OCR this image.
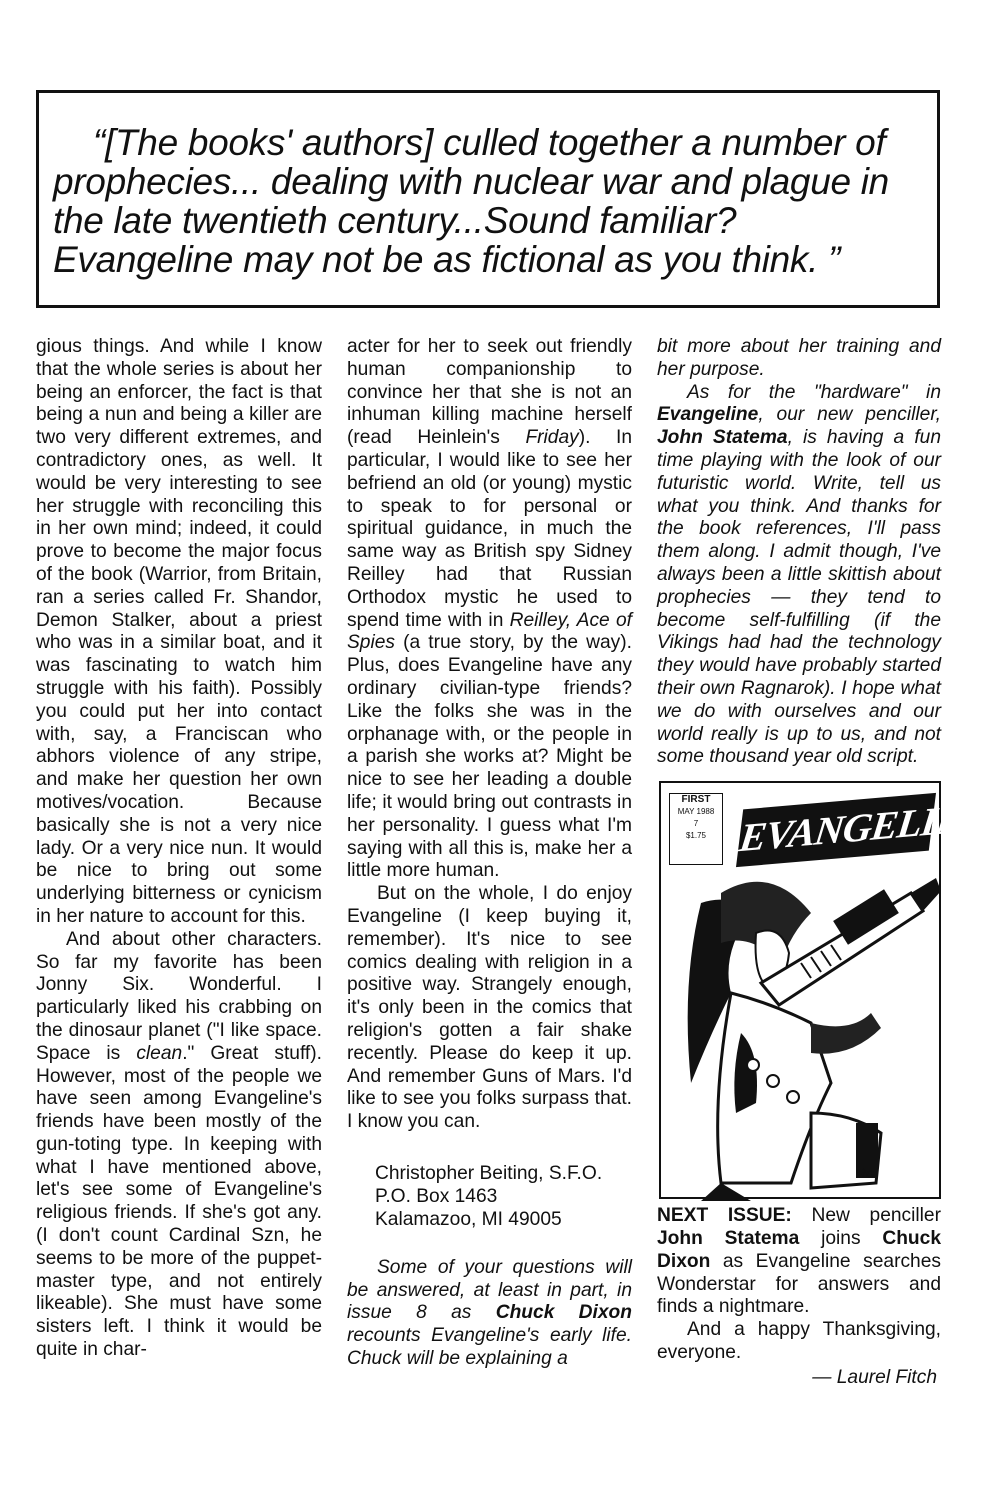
“[The books' authors] culled together a number of
prophecies... dealing with nuclear war and plague in
the late twentieth century...Sound familiar?
Evangeline may not be as fictional as you think. ”

gious things. And while I know that the whole series is about her being an enforcer, the fact is that being a nun and being a killer are two very different extremes, and contradictory ones, as well. It would be very interesting to see her struggle with reconciling this in her own mind; indeed, it could prove to become the major focus of the book (Warrior, from Britain, ran a series called Fr. Shandor, Demon Stalker, about a priest who was in a similar boat, and it was fascinating to watch him struggle with his faith). Possibly you could put her into contact with, say, a Franciscan who abhors violence of any stripe, and make her question her own motives/vocation. Because basically she is not a very nice lady. Or a very nice nun. It would be nice to bring out some underlying bitterness or cynicism in her nature to account for this.

And about other characters. So far my favorite has been Jonny Six. Wonderful. I particularly liked his crabbing on the dinosaur planet ("I like space. Space is clean." Great stuff). However, most of the people we have seen among Evangeline's friends have been mostly of the gun-toting type. In keeping with what I have mentioned above, let's see some of Evangeline's religious friends. If she's got any. (I don't count Cardinal Szn, he seems to be more of the puppet-master type, and not entirely likeable). She must have some sisters left. I think it would be quite in char-

acter for her to seek out friendly human companionship to convince her that she is not an inhuman killing machine herself (read Heinlein's Friday). In particular, I would like to see her befriend an old (or young) mystic to speak to for personal or spiritual guidance, in much the same way as British spy Sidney Reilley had that Russian Orthodox mystic he used to spend time with in Reilley, Ace of Spies (a true story, by the way). Plus, does Evangeline have any ordinary civilian-type friends? Like the folks she was in the orphanage with, or the people in a parish she works at? Might be nice to see her leading a double life; it would bring out contrasts in her personality. I guess what I'm saying with all this is, make her a little more human.

But on the whole, I do enjoy Evangeline (I keep buying it, remember). It's nice to see comics dealing with religion in a positive way. Strangely enough, it's only been in the comics that religion's gotten a fair shake recently. Please do keep it up. And remember Guns of Mars. I'd like to see you folks surpass that. I know you can.

Christopher Beiting, S.F.O.
P.O. Box 1463
Kalamazoo, MI 49005

Some of your questions will be answered, at least in part, in issue 8 as Chuck Dixon recounts Evangeline's early life. Chuck will be explaining a

bit more about her training and her purpose.

As for the "hardware" in Evangeline, our new penciller, John Statema, is having a fun time playing with the look of our futuristic world. Write, tell us what you think. And thanks for the book references, I'll pass them along. I admit though, I've always been a little skittish about prophecies — they tend to become self-fulfilling (if the Vikings had had the technology they would have probably started their own Ragnarok). I hope what we do with ourselves and our world really is up to us, and not some thousand year old script.

Rα
FIRST
MAY 1988
7
$1.75 EVANGELINE

NEXT ISSUE: New penciller John Statema joins Chuck Dixon as Evangeline searches Wonderstar for answers and finds a nightmare.

And a happy Thanksgiving, everyone.

— Laurel Fitch
